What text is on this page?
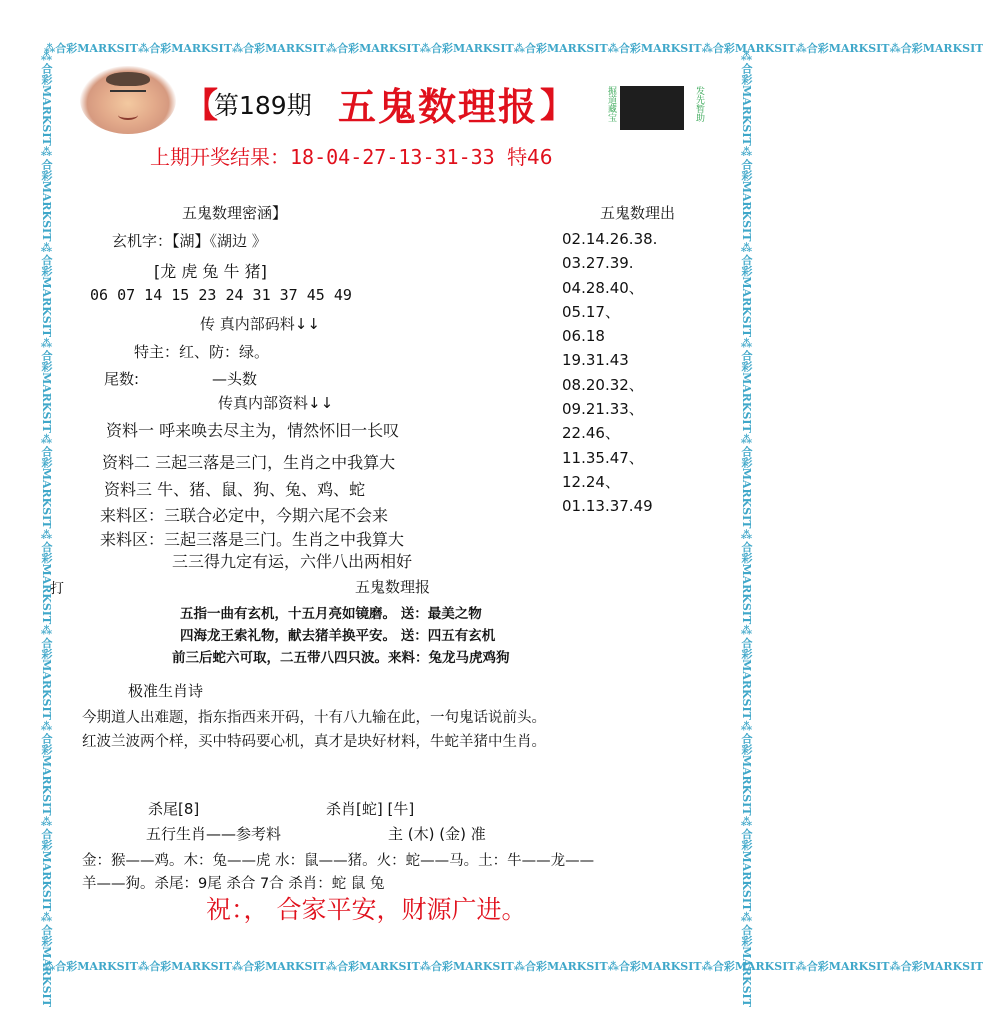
⁂合彩MARKSIT⁂合彩MARKSIT⁂合彩MARKSIT⁂合彩MARKSIT⁂合彩MARKSIT⁂合彩MARKSIT⁂合彩MARKSIT⁂合彩MARKSIT⁂合彩MARKSIT⁂合彩MARKSIT
⁂合彩MARKSIT⁂合彩MARKSIT⁂合彩MARKSIT⁂合彩MARKSIT⁂合彩MARKSIT⁂合彩MARKSIT⁂合彩MARKSIT⁂合彩MARKSIT⁂合彩MARKSIT⁂合彩MARKSIT
⁂合彩MARKSIT⁂合彩MARKSIT⁂合彩MARKSIT⁂合彩MARKSIT⁂合彩MARKSIT⁂合彩MARKSIT⁂合彩MARKSIT⁂合彩MARKSIT⁂合彩MARKSIT⁂合彩MARKSIT	⁂合彩MARKSIT⁂合彩MARKSIT⁂合彩MARKSIT⁂合彩MARKSIT⁂合彩MARKSIT⁂合彩MARKSIT⁂合彩MARKSIT⁂合彩MARKSIT⁂合彩MARKSIT⁂合彩MARKSIT
【
第189期 五鬼数理报 】	掘道藏宝	发先暂助
上期开奖结果：18-04-27-13-31-33 特46
五鬼数理密涵】
玄机字：【湖】《湖边 》
[龙 虎 兔 牛 猪]
06 07 14 15 23 24 31 37 45 49
传 真内部码料↓↓
特主：红、防：绿。
尾数:	—头数
传真内部资料↓↓
资料一 呼来唤去尽主为，情然怀旧一长叹
资料二 三起三落是三门，生肖之中我算大
资料三 牛、猪、鼠、狗、兔、鸡、蛇
来料区：三联合必定中，今期六尾不会来
来料区：三起三落是三门。生肖之中我算大
三三得九定有运，六伴八出两相好
五鬼数理出
02.14.26.38.
03.27.39.
04.28.40、
05.17、
06.18
19.31.43
08.20.32、
09.21.33、
22.46、
11.35.47、
12.24、
01.13.37.49
打	五鬼数理报
五指一曲有玄机，十五月亮如镜磨。 送：最美之物
四海龙王索礼物，献去猪羊换平安。 送：四五有玄机
前三后蛇六可取，二五带八四只波。来料：兔龙马虎鸡狗
极准生肖诗
今期道人出难题，指东指西来开码，十有八九输在此，一句鬼话说前头。
红波兰波两个样，买中特码要心机，真才是块好材料，牛蛇羊猪中生肖。
杀尾[8]	杀肖[蛇] [牛]
五行生肖——参考料	主 (木) (金) 准
金：猴——鸡。木：兔——虎 水：鼠——猪。火：蛇——马。土：牛——龙——
羊——狗。杀尾：9尾 杀合 7合 杀肖：蛇 鼠 兔
祝：， 合家平安，财源广进。
